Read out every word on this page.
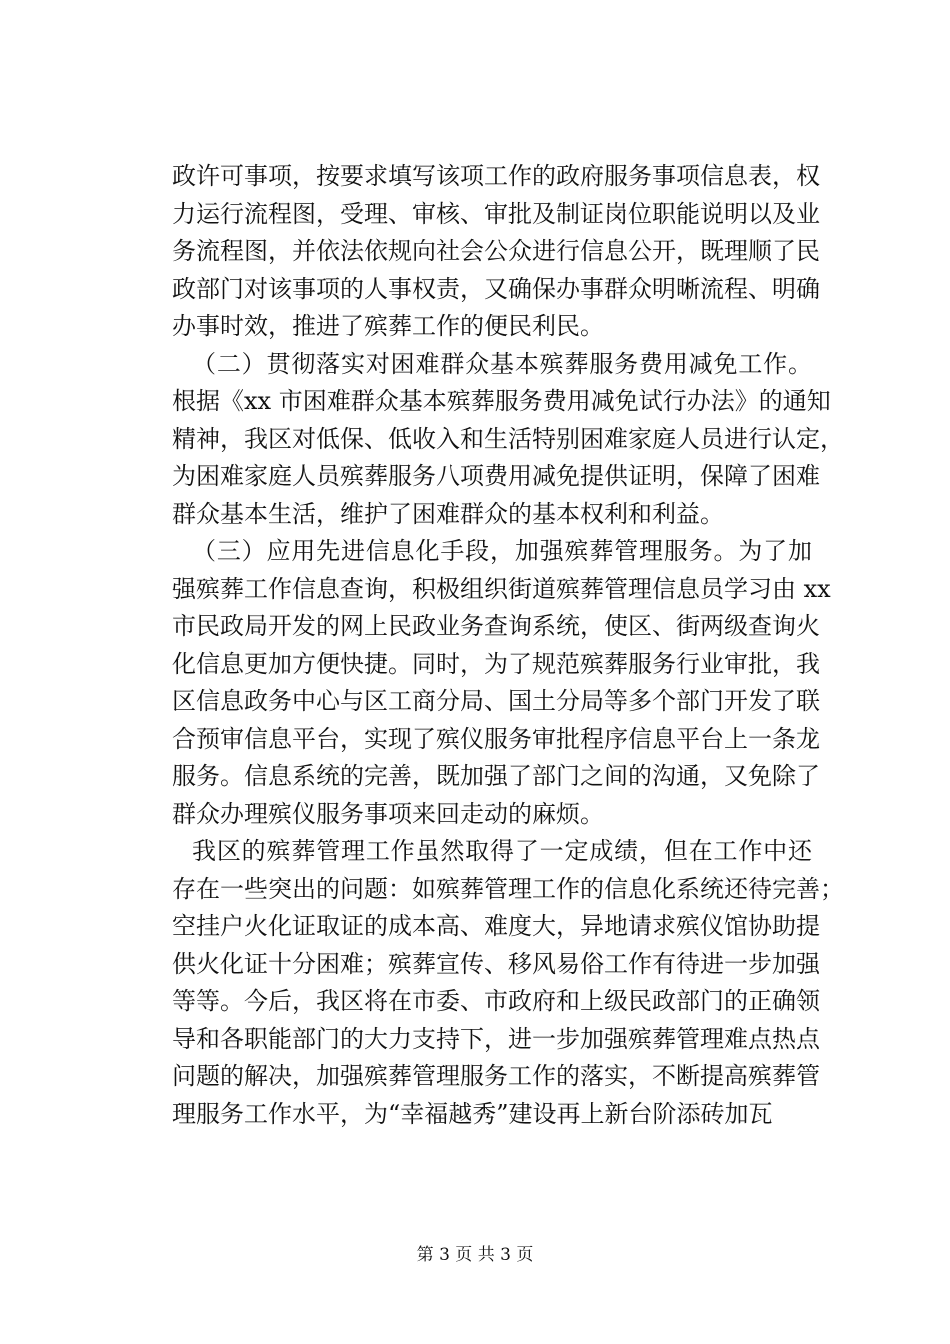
政许可事项，按要求填写该项工作的政府服务事项信息表，权
力运行流程图，受理、审核、审批及制证岗位职能说明以及业
务流程图，并依法依规向社会公众进行信息公开，既理顺了民
政部门对该事项的人事权责，又确保办事群众明晰流程、明确
办事时效，推进了殡葬工作的便民利民。
（二）贯彻落实对困难群众基本殡葬服务费用减免工作。
根据《xx 市困难群众基本殡葬服务费用减免试行办法》的通知
精神，我区对低保、低收入和生活特别困难家庭人员进行认定，
为困难家庭人员殡葬服务八项费用减免提供证明，保障了困难
群众基本生活，维护了困难群众的基本权利和利益。
（三）应用先进信息化手段，加强殡葬管理服务。为了加
强殡葬工作信息查询，积极组织街道殡葬管理信息员学习由 xx
市民政局开发的网上民政业务查询系统，使区、街两级查询火
化信息更加方便快捷。同时，为了规范殡葬服务行业审批，我
区信息政务中心与区工商分局、国土分局等多个部门开发了联
合预审信息平台，实现了殡仪服务审批程序信息平台上一条龙
服务。信息系统的完善，既加强了部门之间的沟通，又免除了
群众办理殡仪服务事项来回走动的麻烦。
我区的殡葬管理工作虽然取得了一定成绩，但在工作中还
存在一些突出的问题：如殡葬管理工作的信息化系统还待完善；
空挂户火化证取证的成本高、难度大，异地请求殡仪馆协助提
供火化证十分困难；殡葬宣传、移风易俗工作有待进一步加强
等等。今后，我区将在市委、市政府和上级民政部门的正确领
导和各职能部门的大力支持下，进一步加强殡葬管理难点热点
问题的解决，加强殡葬管理服务工作的落实，不断提高殡葬管
理服务工作水平，为“幸福越秀”建设再上新台阶添砖加瓦
第 3 页 共 3 页
